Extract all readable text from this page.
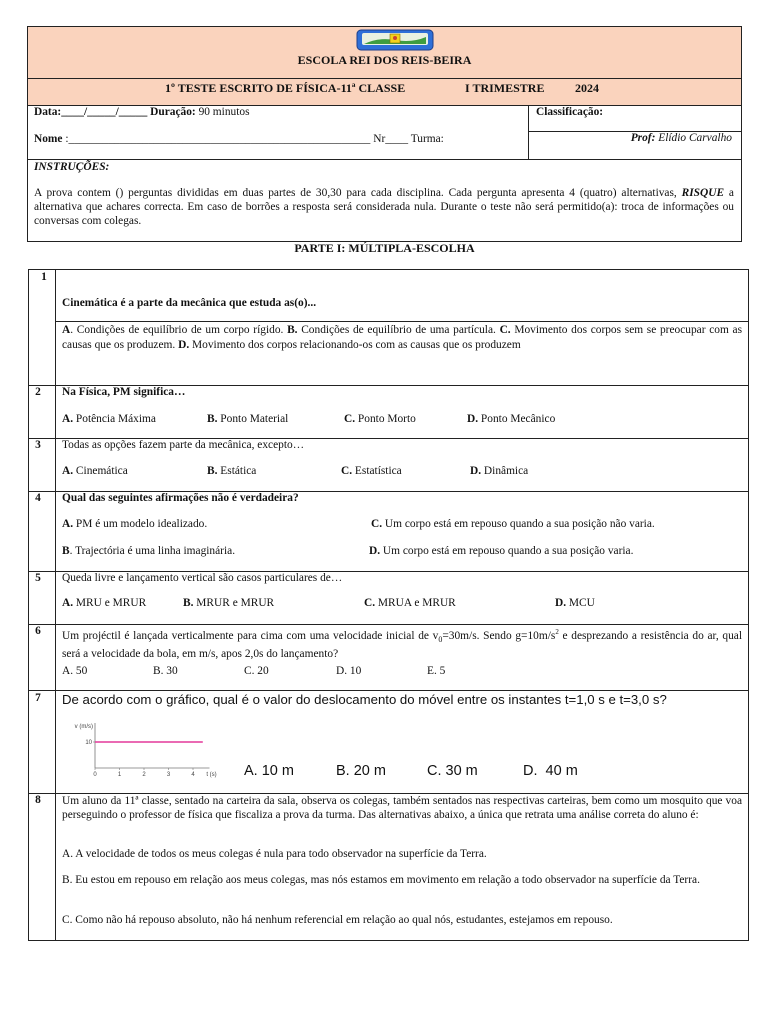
ESCOLA REI DOS REIS-BEIRA
1º TESTE ESCRITO DE FÍSICA-11ª CLASSE	I TRIMESTRE	2024
Data:____/_____/_____ Duração: 90 minutos	Classificação:
Nome :_____________________________________________________ Nr____ Turma:	Prof: Elídio Carvalho
INSTRUÇÕES:
A prova contem () perguntas divididas em duas partes de 30,30 para cada disciplina. Cada pergunta apresenta 4 (quatro) alternativas, RISQUE a alternativa que achares correcta. Em caso de borrões a resposta será considerada nula. Durante o teste não será permitido(a): troca de informações ou conversas com colegas.
PARTE I: MÚLTIPLA-ESCOLHA
1
Cinemática é a parte da mecânica que estuda as(o)...
A. Condições de equilíbrio de um corpo rígido. B. Condições de equilíbrio de uma partícula. C. Movimento dos corpos sem se preocupar com as causas que os produzem. D. Movimento dos corpos relacionando-os com as causas que os produzem
2	Na Física, PM significa…
A. Potência Máxima	B. Ponto Material	C. Ponto Morto	D. Ponto Mecânico
3	Todas as opções fazem parte da mecânica, excepto…
A. Cinemática	B. Estática	C. Estatística	D. Dinâmica
4	Qual das seguintes afirmações não é verdadeira?
A. PM é um modelo idealizado.	C. Um corpo está em repouso quando a sua posição não varia.
B. Trajectória é uma linha imaginária.	D. Um corpo está em repouso quando a sua posição varia.
5	Queda livre e lançamento vertical são casos particulares de…
A. MRU e MRUR	B. MRUR e MRUR	C. MRUA e MRUR	D. MCU
6	Um projéctil é lançada verticalmente para cima com uma velocidade inicial de $v_0=30m/s$. Sendo $g=10m/s^2$ e desprezando a resistência do ar, qual será a velocidade da bola, em m/s, apos 2,0s do lançamento?
A. 50	B. 30	C. 20	D. 10	E. 5
7	De acordo com o gráfico, qual é o valor do deslocamento do móvel entre os instantes t=1,0 s e t=3,0 s?
v (m/s)
t (s)
0	1	2	3	4
10
A. 10 m	B. 20 m	C. 30 m	D.  40 m
8	Um aluno da 11ª classe, sentado na carteira da sala, observa os colegas, também sentados nas respectivas carteiras, bem como um mosquito que voa perseguindo o professor de física que fiscaliza a prova da turma. Das alternativas abaixo, a única que retrata uma análise correta do aluno é:
A. A velocidade de todos os meus colegas é nula para todo observador na superfície da Terra.
B. Eu estou em repouso em relação aos meus colegas, mas nós estamos em movimento em relação a todo observador na superfície da Terra.
C. Como não há repouso absoluto, não há nenhum referencial em relação ao qual nós, estudantes, estejamos em repouso.
